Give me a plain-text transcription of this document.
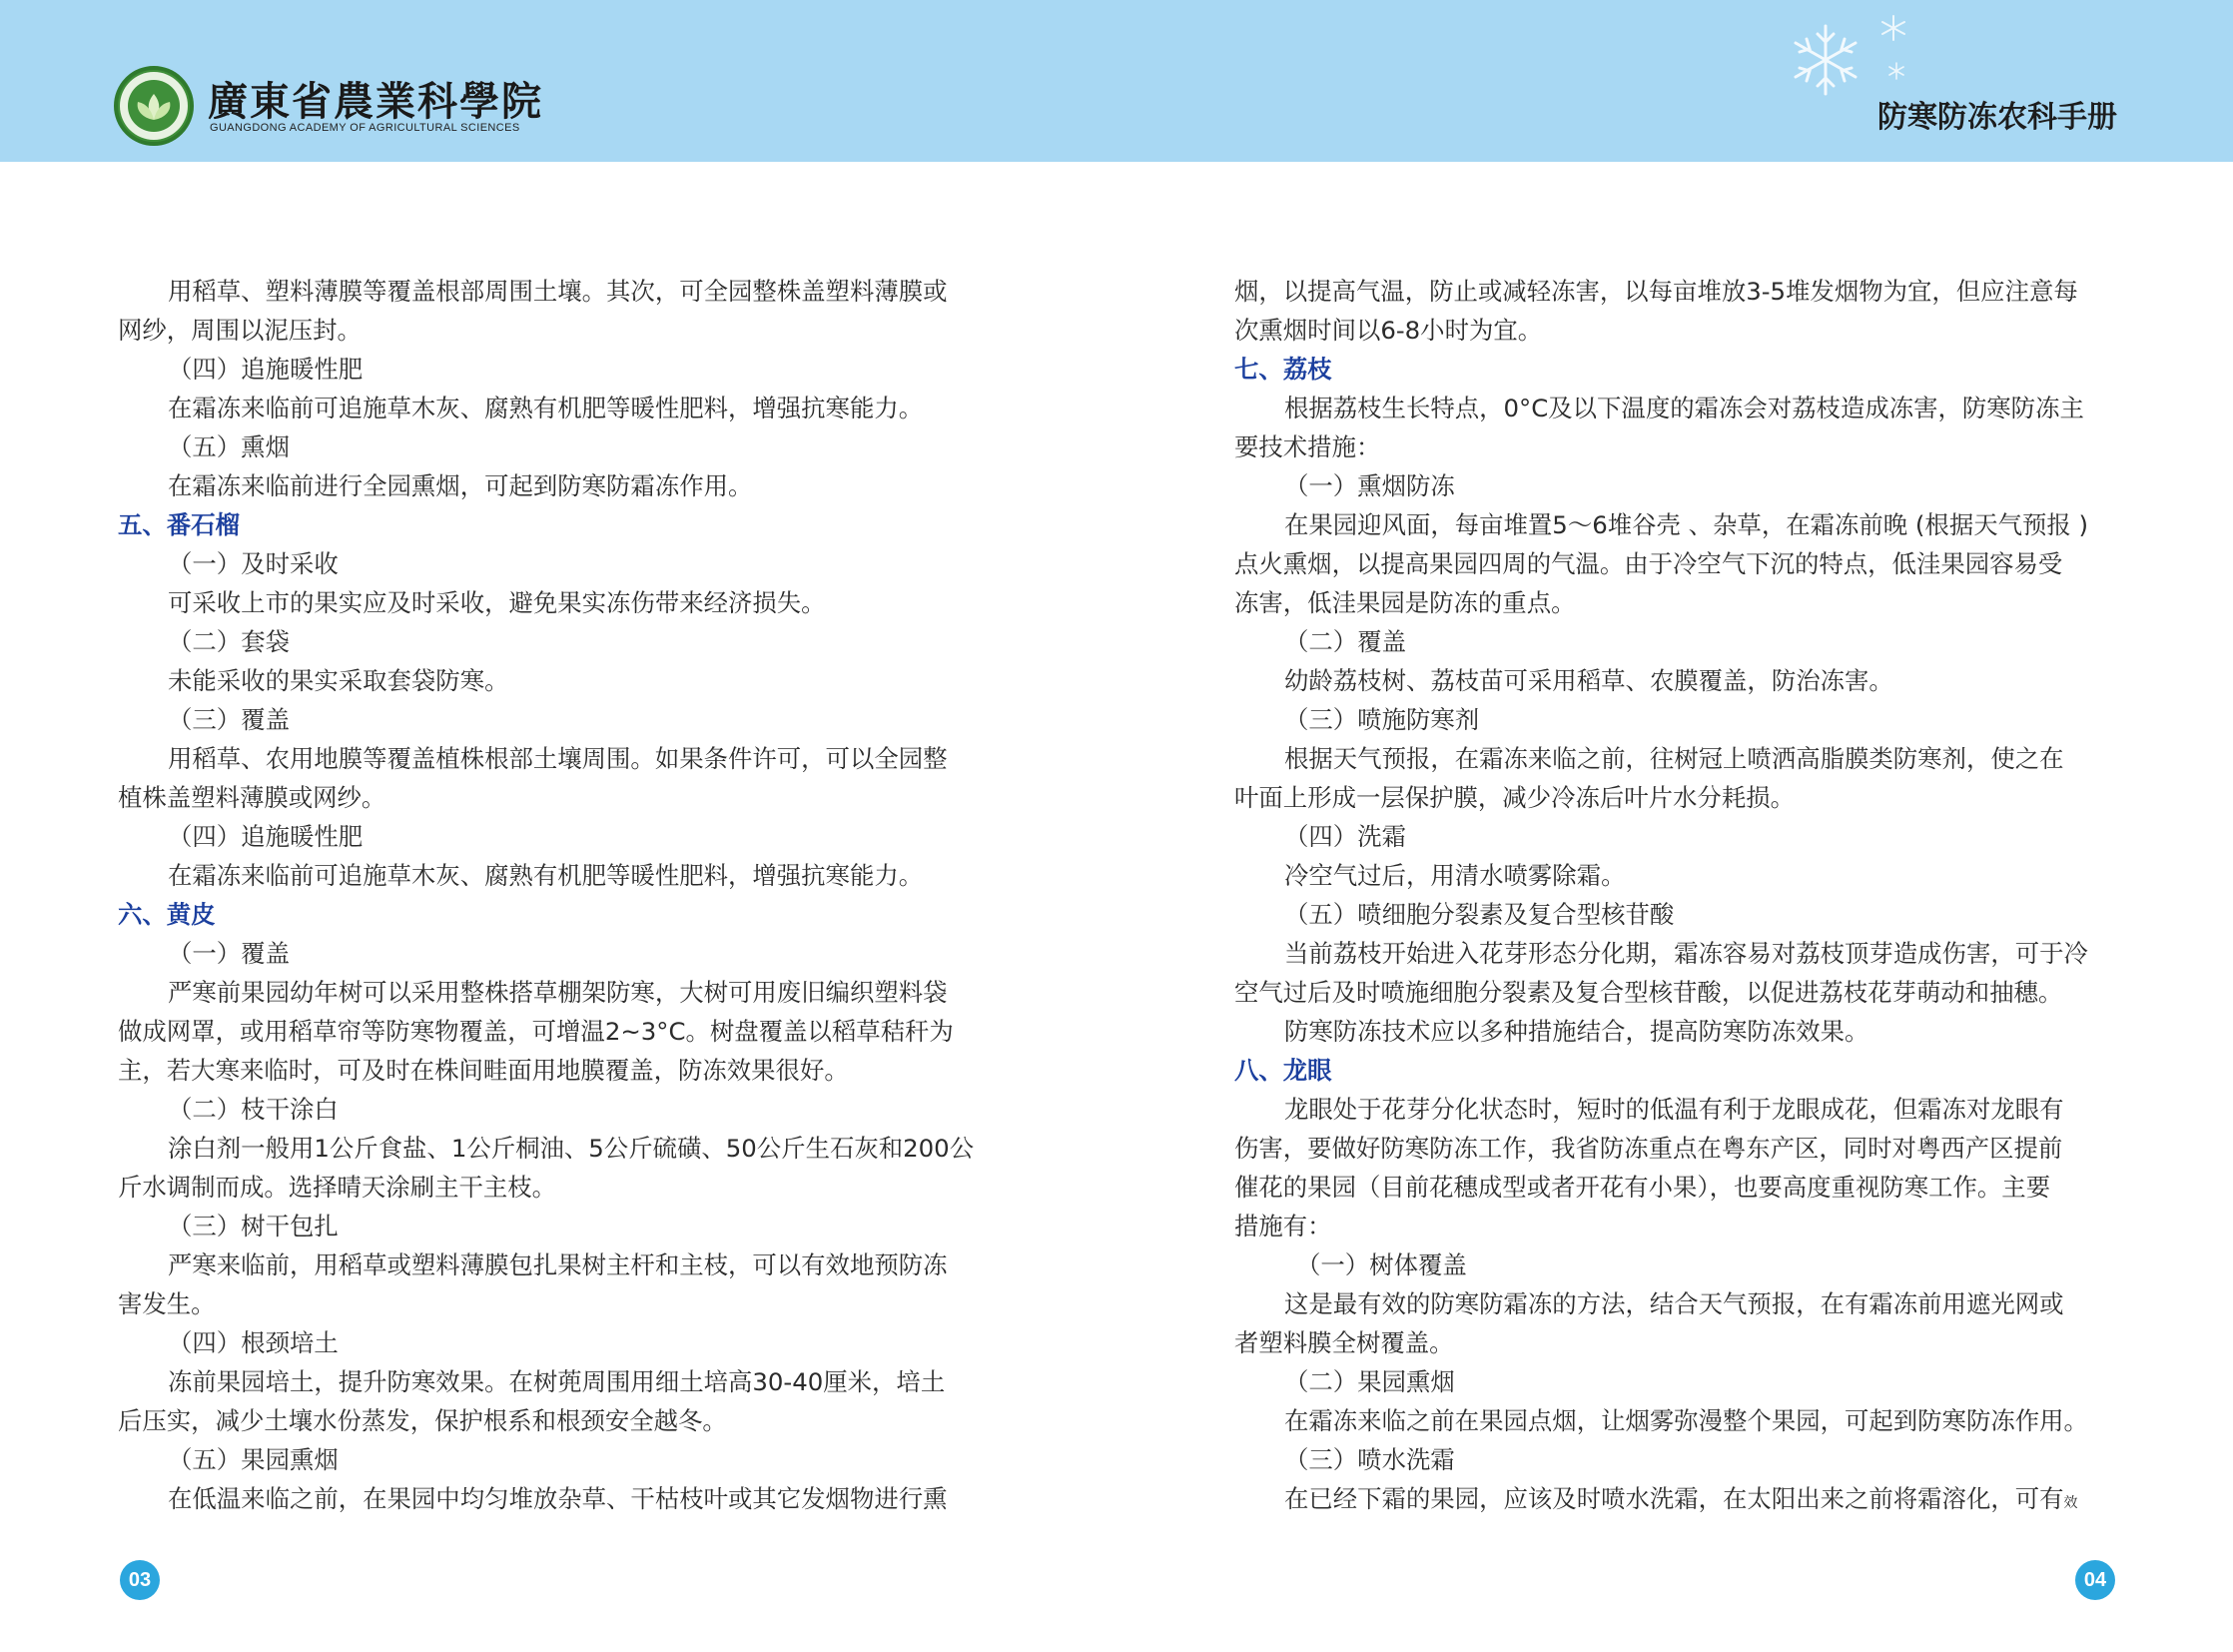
廣東省農業科學院
GUANGDONG ACADEMY OF AGRICULTURAL SCIENCES	防寒防冻农科手册
用稻草、塑料薄膜等覆盖根部周围土壤。其次，可全园整株盖塑料薄膜或
网纱，周围以泥压封。
（四）追施暖性肥
在霜冻来临前可追施草木灰、腐熟有机肥等暖性肥料，增强抗寒能力。
（五）熏烟
在霜冻来临前进行全园熏烟，可起到防寒防霜冻作用。
五、番石榴
（一）及时采收
可采收上市的果实应及时采收，避免果实冻伤带来经济损失。
（二）套袋
未能采收的果实采取套袋防寒。
（三）覆盖
用稻草、农用地膜等覆盖植株根部土壤周围。如果条件许可，可以全园整
植株盖塑料薄膜或网纱。
（四）追施暖性肥
在霜冻来临前可追施草木灰、腐熟有机肥等暖性肥料，增强抗寒能力。
六、黄皮
（一）覆盖
严寒前果园幼年树可以采用整株搭草棚架防寒，大树可用废旧编织塑料袋
做成网罩，或用稻草帘等防寒物覆盖，可增温2~3°C。树盘覆盖以稻草秸秆为
主，若大寒来临时，可及时在株间畦面用地膜覆盖，防冻效果很好。
（二）枝干涂白
涂白剂一般用1公斤食盐、1公斤桐油、5公斤硫磺、50公斤生石灰和200公
斤水调制而成。选择晴天涂刷主干主枝。
（三）树干包扎
严寒来临前，用稻草或塑料薄膜包扎果树主杆和主枝，可以有效地预防冻
害发生。
（四）根颈培土
冻前果园培土，提升防寒效果。在树蔸周围用细土培高30-40厘米，培土
后压实，减少土壤水份蒸发，保护根系和根颈安全越冬。
（五）果园熏烟
在低温来临之前，在果园中均匀堆放杂草、干枯枝叶或其它发烟物进行熏
烟，以提高气温，防止或减轻冻害，以每亩堆放3-5堆发烟物为宜，但应注意每
次熏烟时间以6-8小时为宜。
七、荔枝
根据荔枝生长特点，0°C及以下温度的霜冻会对荔枝造成冻害，防寒防冻主
要技术措施：
（一）熏烟防冻
在果园迎风面，每亩堆置5～6堆谷壳 、杂草，在霜冻前晚 (根据天气预报 )
点火熏烟，以提高果园四周的气温。由于冷空气下沉的特点，低洼果园容易受
冻害，低洼果园是防冻的重点。
（二）覆盖
幼龄荔枝树、荔枝苗可采用稻草、农膜覆盖，防治冻害。
（三）喷施防寒剂
根据天气预报，在霜冻来临之前，往树冠上喷洒高脂膜类防寒剂，使之在
叶面上形成一层保护膜，减少冷冻后叶片水分耗损。
（四）洗霜
冷空气过后，用清水喷雾除霜。
（五）喷细胞分裂素及复合型核苷酸
当前荔枝开始进入花芽形态分化期，霜冻容易对荔枝顶芽造成伤害，可于冷
空气过后及时喷施细胞分裂素及复合型核苷酸，以促进荔枝花芽萌动和抽穗。
防寒防冻技术应以多种措施结合，提高防寒防冻效果。
八、龙眼
龙眼处于花芽分化状态时，短时的低温有利于龙眼成花，但霜冻对龙眼有
伤害，要做好防寒防冻工作，我省防冻重点在粤东产区，同时对粤西产区提前
催花的果园（目前花穗成型或者开花有小果），也要高度重视防寒工作。主要
措施有：
（一）树体覆盖
这是最有效的防寒防霜冻的方法，结合天气预报，在有霜冻前用遮光网或
者塑料膜全树覆盖。
（二）果园熏烟
在霜冻来临之前在果园点烟，让烟雾弥漫整个果园，可起到防寒防冻作用。
（三）喷水洗霜
在已经下霜的果园，应该及时喷水洗霜，在太阳出来之前将霜溶化，可有效
03	04
